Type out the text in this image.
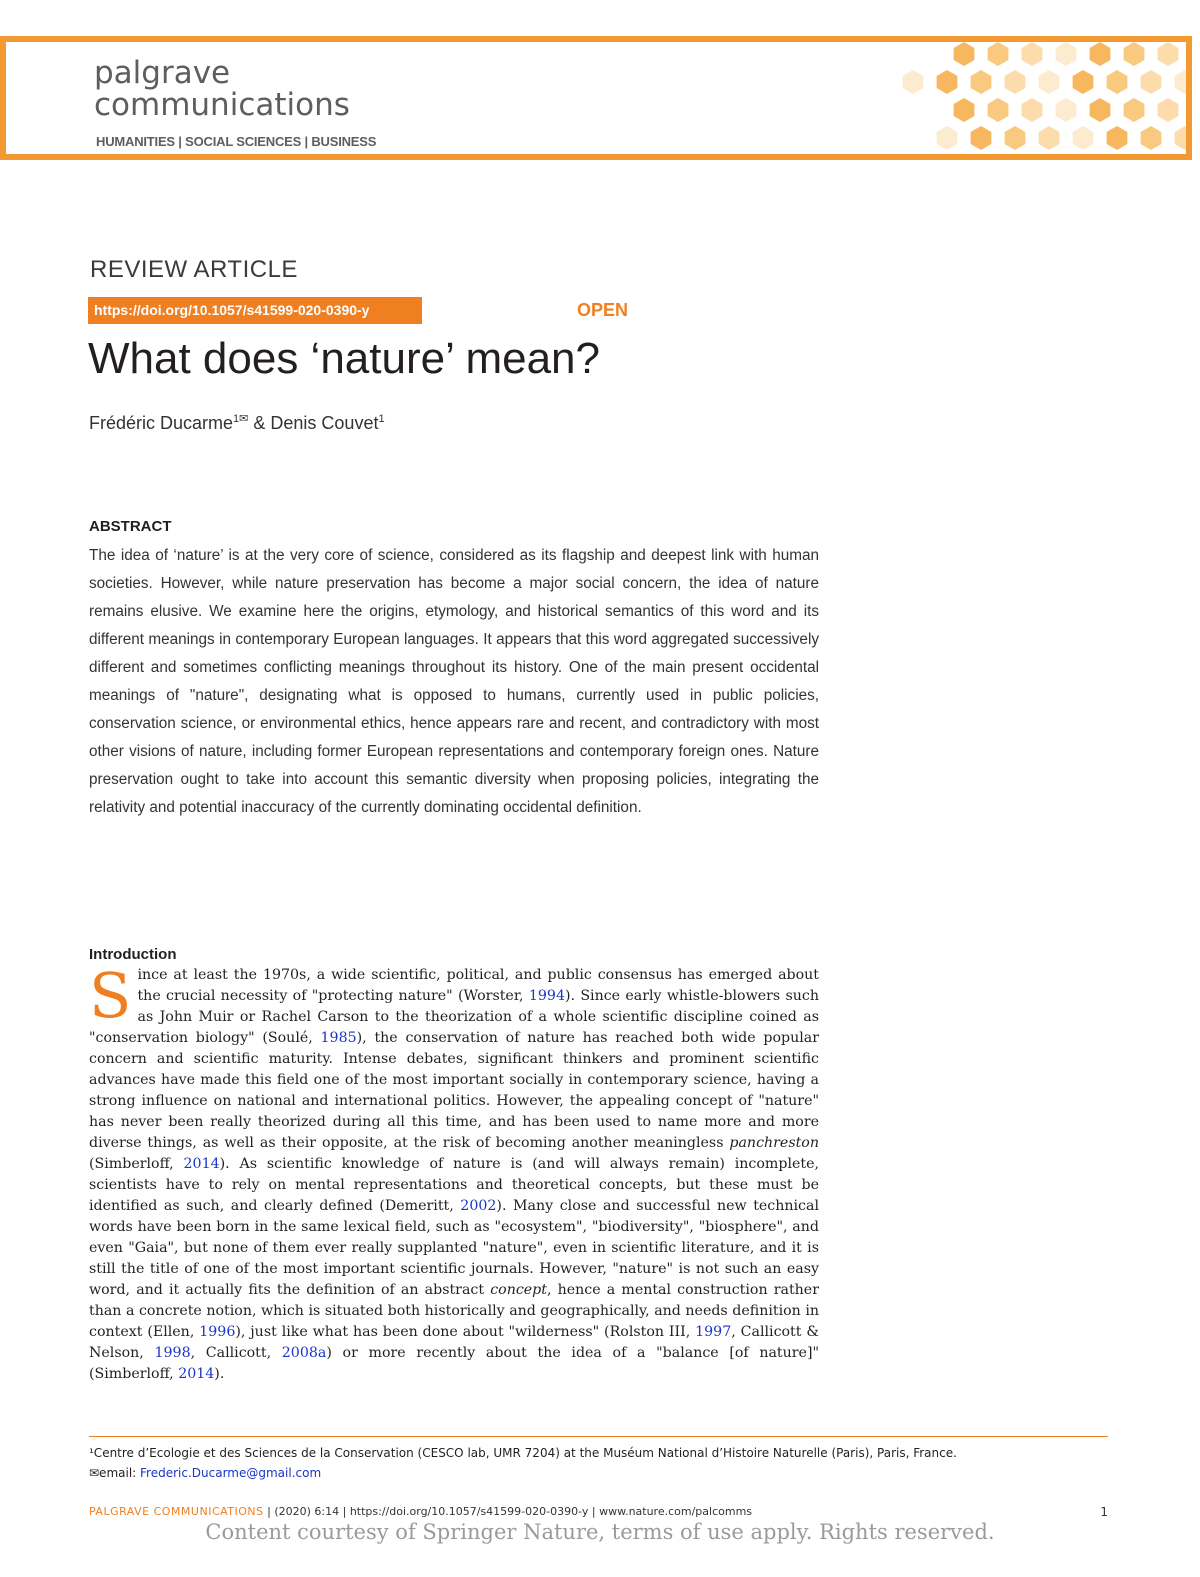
palgrave
communications
HUMANITIES | SOCIAL SCIENCES | BUSINESS
REVIEW ARTICLE
https://doi.org/10.1057/s41599-020-0390-y	OPEN
What does ‘nature’ mean?
Frédéric Ducarme$^{1✉}$ & Denis Couvet$^1$
ABSTRACT

The idea of ‘nature’ is at the very core of science, considered as its flagship and deepest link with human societies. However, while nature preservation has become a major social concern, the idea of nature remains elusive. We examine here the origins, etymology, and historical semantics of this word and its different meanings in contemporary European languages. It appears that this word aggregated successively different and sometimes conflicting meanings throughout its history. One of the main present occidental meanings of "nature", designating what is opposed to humans, currently used in public policies, conservation science, or environmental ethics, hence appears rare and recent, and contradictory with most other visions of nature, including former European representations and contemporary foreign ones. Nature preservation ought to take into account this semantic diversity when proposing policies, integrating the relativity and potential inaccuracy of the currently dominating occidental definition.

Introduction

Since at least the 1970s, a wide scientific, political, and public consensus has emerged about the crucial necessity of "protecting nature" (Worster, 1994). Since early whistle-blowers such as John Muir or Rachel Carson to the theorization of a whole scientific discipline coined as "conservation biology" (Soulé, 1985), the conservation of nature has reached both wide popular concern and scientific maturity. Intense debates, significant thinkers and prominent scientific advances have made this field one of the most important socially in contemporary science, having a strong influence on national and international politics. However, the appealing concept of "nature" has never been really theorized during all this time, and has been used to name more and more diverse things, as well as their opposite, at the risk of becoming another meaningless panchreston (Simberloff, 2014). As scientific knowledge of nature is (and will always remain) incomplete, scientists have to rely on mental representations and theoretical concepts, but these must be identified as such, and clearly defined (Demeritt, 2002). Many close and successful new technical words have been born in the same lexical field, such as "ecosystem", "biodiversity", "biosphere", and even "Gaia", but none of them ever really supplanted "nature", even in scientific literature, and it is still the title of one of the most important scientific journals. However, "nature" is not such an easy word, and it actually fits the definition of an abstract concept, hence a mental construction rather than a concrete notion, which is situated both historically and geographically, and needs definition in context (Ellen, 1996), just like what has been done about "wilderness" (Rolston III, 1997, Callicott & Nelson, 1998, Callicott, 2008a) or more recently about the idea of a "balance [of nature]" (Simberloff, 2014).

¹Centre d’Ecologie et des Sciences de la Conservation (CESCO lab, UMR 7204) at the Muséum National d’Histoire Naturelle (Paris), Paris, France.
✉email: Frederic.Ducarme@gmail.com

PALGRAVE COMMUNICATIONS | (2020) 6:14 | https://doi.org/10.1057/s41599-020-0390-y | www.nature.com/palcomms	1
Content courtesy of Springer Nature, terms of use apply. Rights reserved.
